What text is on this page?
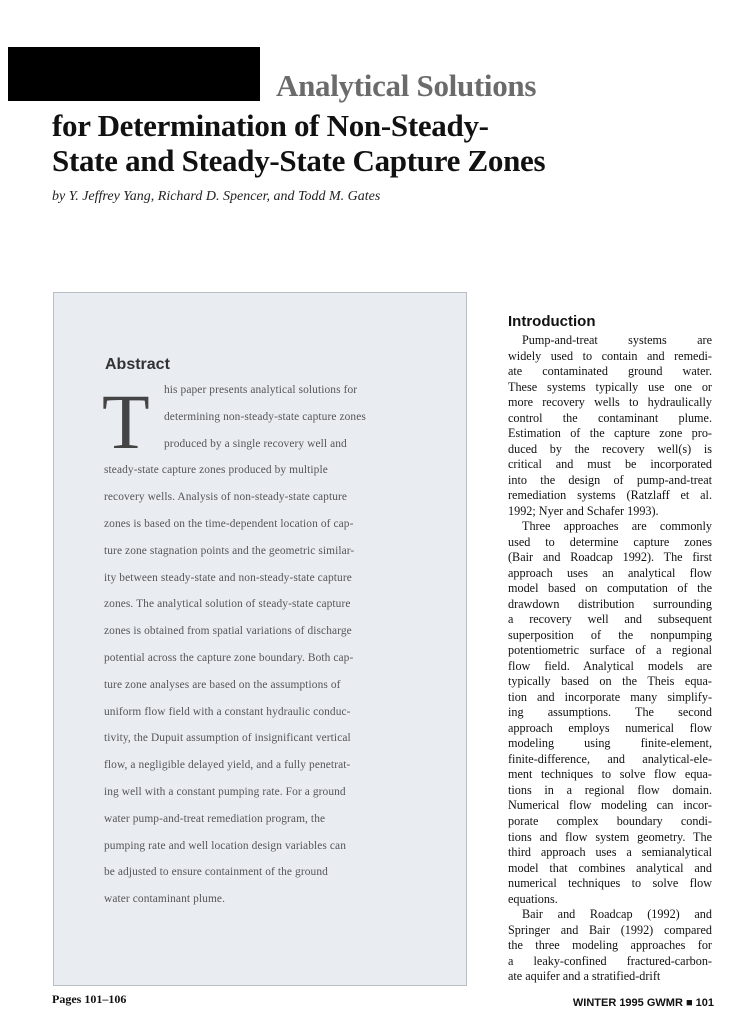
Analytical Solutions
for Determination of Non-Steady-
State and Steady-State Capture Zones
by Y. Jeffrey Yang, Richard D. Spencer, and Todd M. Gates
Abstract
T his paper presents analytical solutions for
determining non-steady-state capture zones
produced by a single recovery well and
steady-state capture zones produced by multiple
recovery wells. Analysis of non-steady-state capture
zones is based on the time-dependent location of cap-
ture zone stagnation points and the geometric similar-
ity between steady-state and non-steady-state capture
zones. The analytical solution of steady-state capture
zones is obtained from spatial variations of discharge
potential across the capture zone boundary. Both cap-
ture zone analyses are based on the assumptions of
uniform flow field with a constant hydraulic conduc-
tivity, the Dupuit assumption of insignificant vertical
flow, a negligible delayed yield, and a fully penetrat-
ing well with a constant pumping rate. For a ground
water pump-and-treat remediation program, the
pumping rate and well location design variables can
be adjusted to ensure containment of the ground
water contaminant plume.
Introduction
Pump-and-treat systems are
widely used to contain and remedi-
ate contaminated ground water.
These systems typically use one or
more recovery wells to hydraulically
control the contaminant plume.
Estimation of the capture zone pro-
duced by the recovery well(s) is
critical and must be incorporated
into the design of pump-and-treat
remediation systems (Ratzlaff et al.
1992; Nyer and Schafer 1993).
Three approaches are commonly
used to determine capture zones
(Bair and Roadcap 1992). The first
approach uses an analytical flow
model based on computation of the
drawdown distribution surrounding
a recovery well and subsequent
superposition of the nonpumping
potentiometric surface of a regional
flow field. Analytical models are
typically based on the Theis equa-
tion and incorporate many simplify-
ing assumptions. The second
approach employs numerical flow
modeling using finite-element,
finite-difference, and analytical-ele-
ment techniques to solve flow equa-
tions in a regional flow domain.
Numerical flow modeling can incor-
porate complex boundary condi-
tions and flow system geometry. The
third approach uses a semianalytical
model that combines analytical and
numerical techniques to solve flow
equations.
Bair and Roadcap (1992) and
Springer and Bair (1992) compared
the three modeling approaches for
a leaky-confined fractured-carbon-
ate aquifer and a stratified-drift
Pages 101–106	WINTER 1995 GWMR ■ 101
